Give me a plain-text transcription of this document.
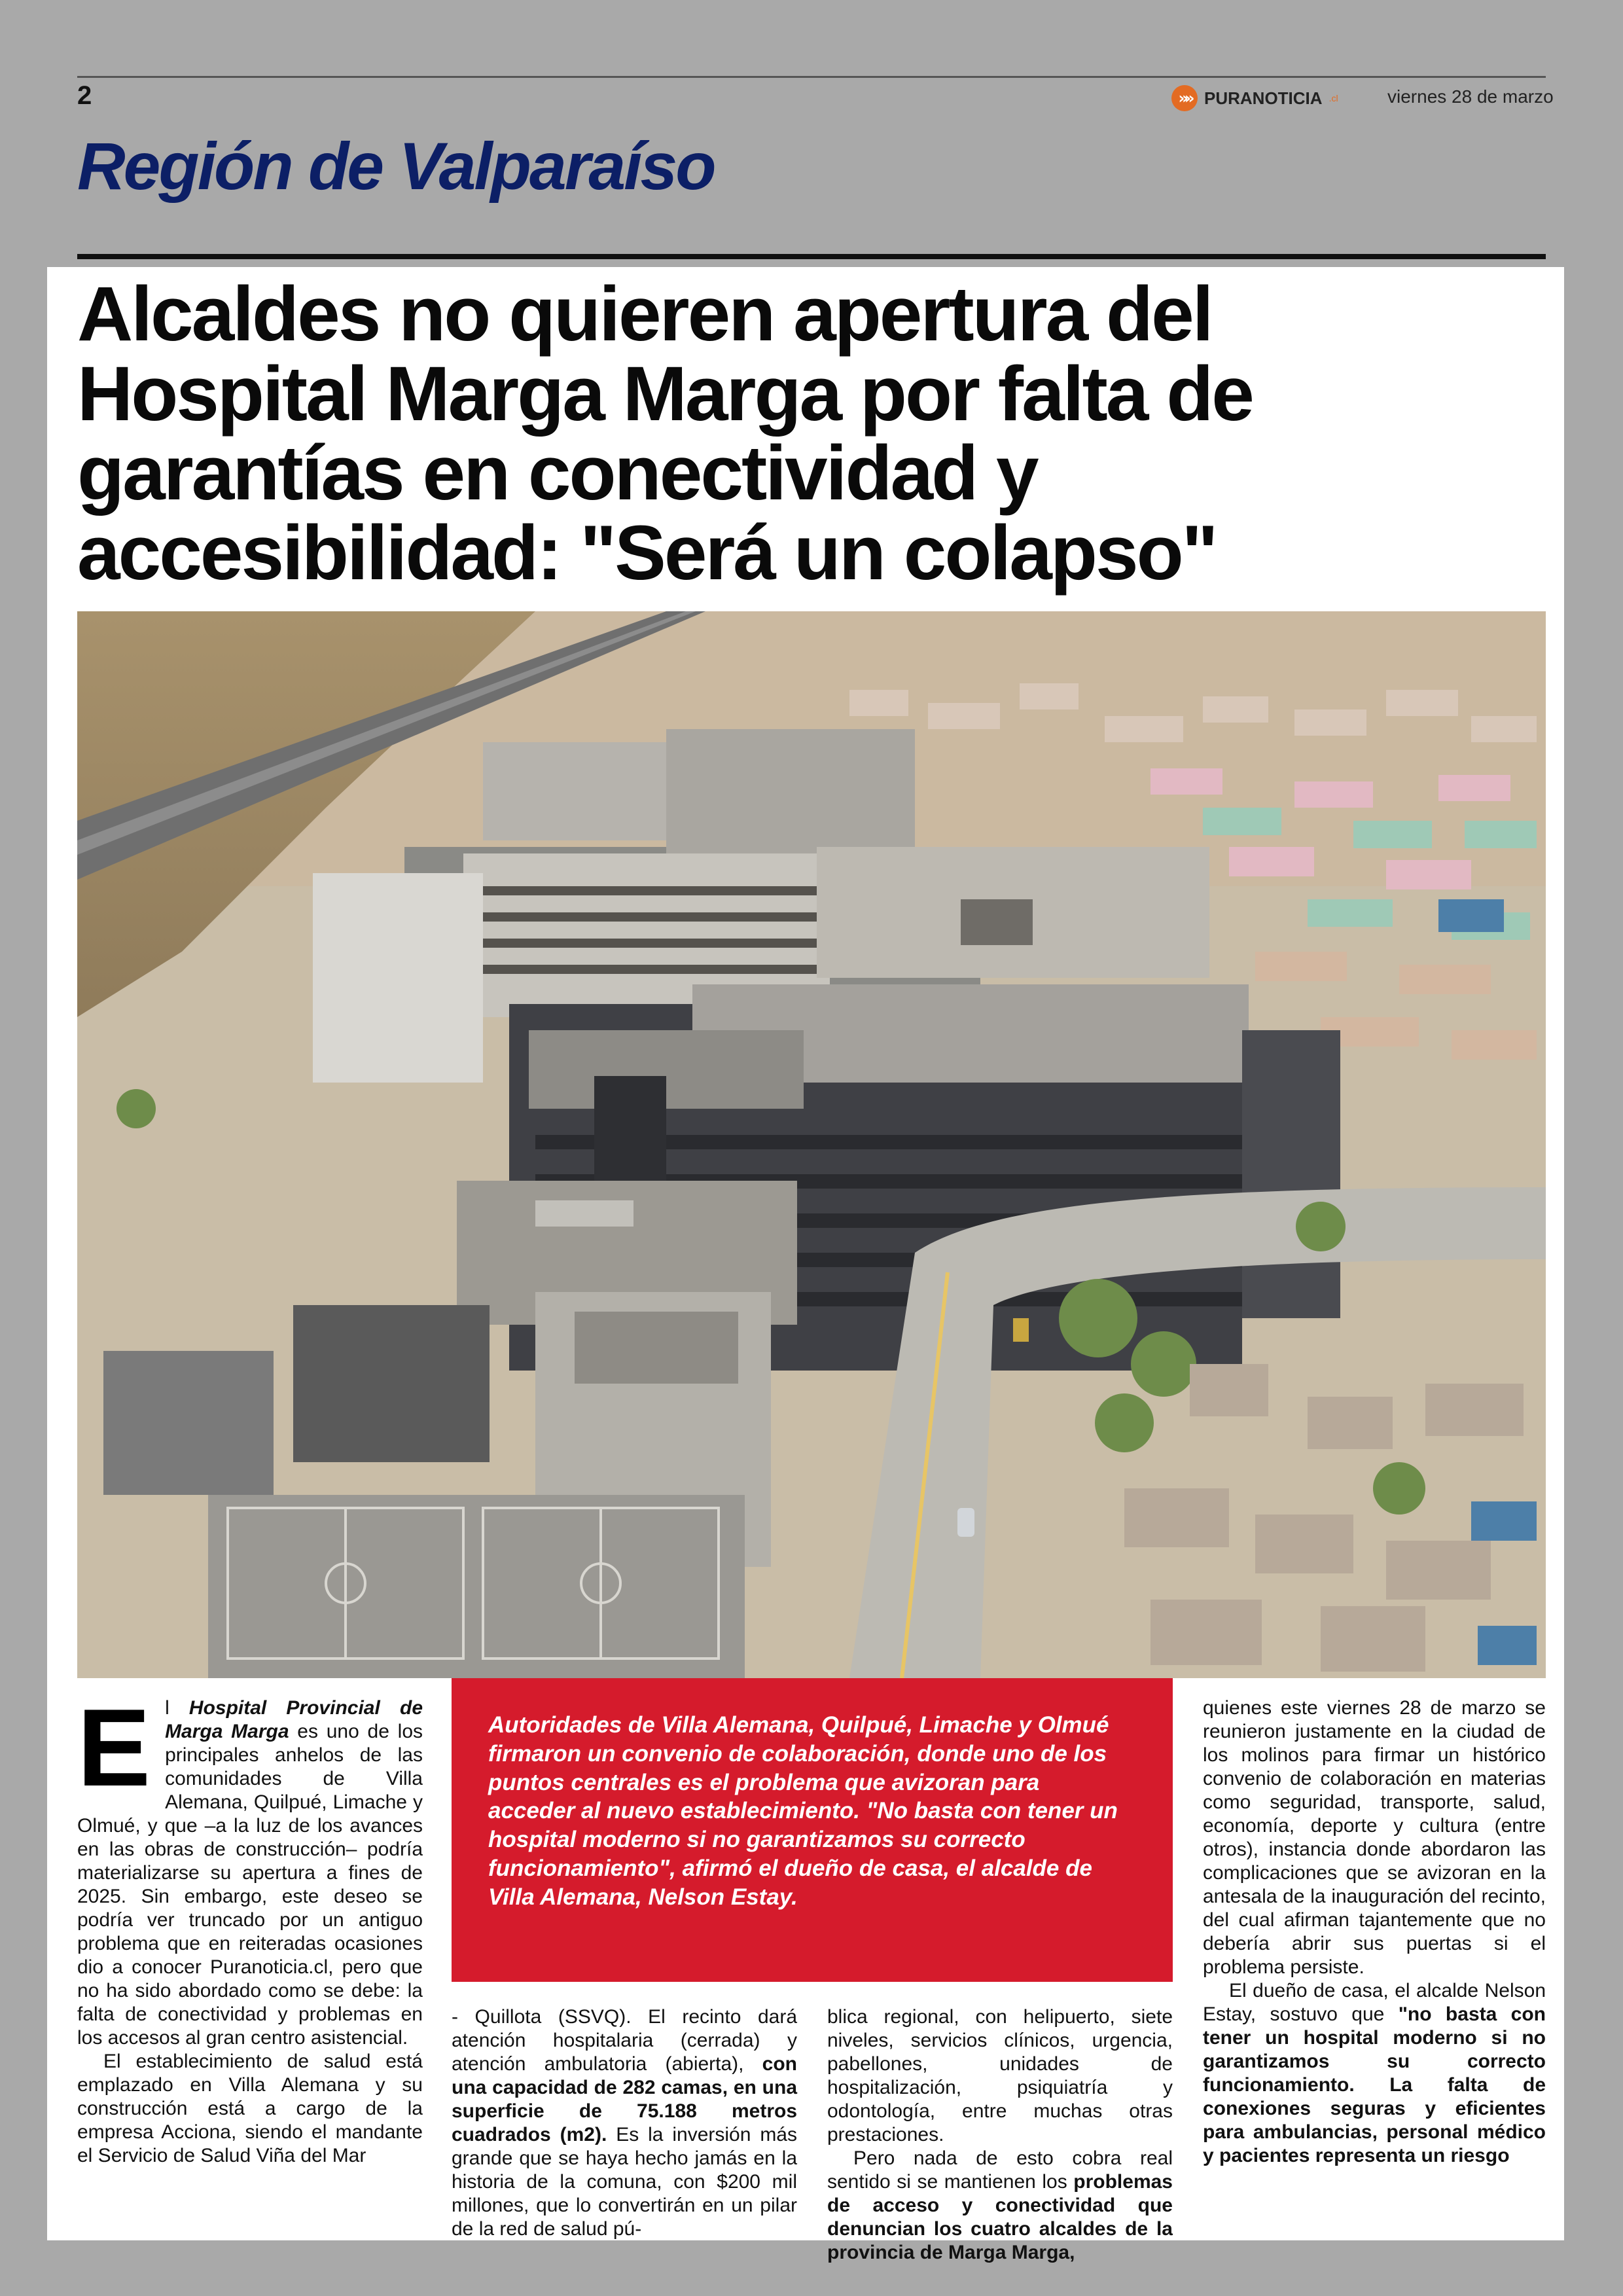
2	»» PURANOTICIA .cl	viernes 28 de marzo
Región de Valparaíso
Alcaldes no quieren apertura del Hospital Marga Marga por falta de garantías en conectividad y accesibilidad: "Será un colapso"

El Hospital Provincial de Marga Marga es uno de los principales anhelos de las comunidades de Villa Alemana, Quilpué, Limache y Olmué, y que –a la luz de los avances en las obras de construcción– podría materializarse su apertura a fines de 2025. Sin embargo, este deseo se podría ver truncado por un antiguo problema que en reiteradas ocasiones dio a conocer Puranoticia.cl, pero que no ha sido abordado como se debe: la falta de conectividad y problemas en los accesos al gran centro asistencial.

El establecimiento de salud está emplazado en Villa Alemana y su construcción está a cargo de la empresa Acciona, siendo el mandante el Servicio de Salud Viña del Mar

Autoridades de Villa Alemana, Quilpué, Limache y Olmué firmaron un convenio de colaboración, donde uno de los puntos centrales es el problema que avizoran para acceder al nuevo establecimiento. "No basta con tener un hospital moderno si no garantizamos su correcto funcionamiento", afirmó el dueño de casa, el alcalde de Villa Alemana, Nelson Estay.

- Quillota (SSVQ). El recinto dará atención hospitalaria (cerrada) y atención ambulatoria (abierta), con una capacidad de 282 camas, en una superficie de 75.188 metros cuadrados (m2). Es la inversión más grande que se haya hecho jamás en la historia de la comuna, con $200 mil millones, que lo convertirán en un pilar de la red de salud pú-

blica regional, con helipuerto, siete niveles, servicios clínicos, urgencia, pabellones, unidades de hospitalización, psiquiatría y odontología, entre muchas otras prestaciones.

Pero nada de esto cobra real sentido si se mantienen los problemas de acceso y conectividad que denuncian los cuatro alcaldes de la provincia de Marga Marga,

quienes este viernes 28 de marzo se reunieron justamente en la ciudad de los molinos para firmar un histórico convenio de colaboración en materias como seguridad, transporte, salud, economía, deporte y cultura (entre otros), instancia donde abordaron las complicaciones que se avizoran en la antesala de la inauguración del recinto, del cual afirman tajantemente que no debería abrir sus puertas si el problema persiste.

El dueño de casa, el alcalde Nelson Estay, sostuvo que "no basta con tener un hospital moderno si no garantizamos su correcto funcionamiento. La falta de conexiones seguras y eficientes para ambulancias, personal médico y pacientes representa un riesgo
